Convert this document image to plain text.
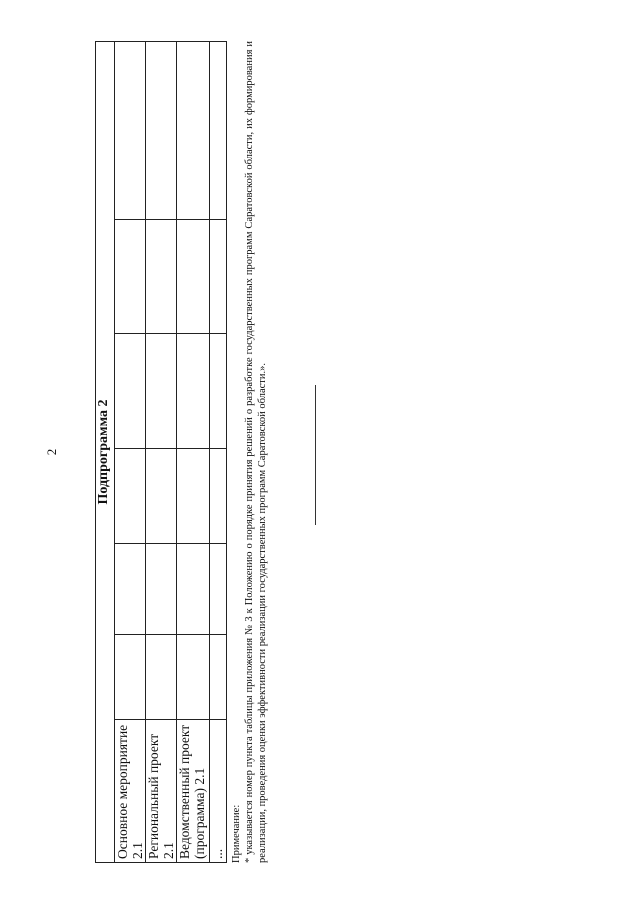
2
		Подпрограмма 2						
	Основное мероприятие 2.1						
	Региональный проект 2.1						
	Ведомственный проект (программа) 2.1						
	...						Примечание: * указывается номер пункта таблицы приложения № 3 к Положению о порядке принятия решений о разработке государственных программ Саратовской области, их формирования и реализации, проведения оценки эффективности реализации государственных программ Саратовской области.».
